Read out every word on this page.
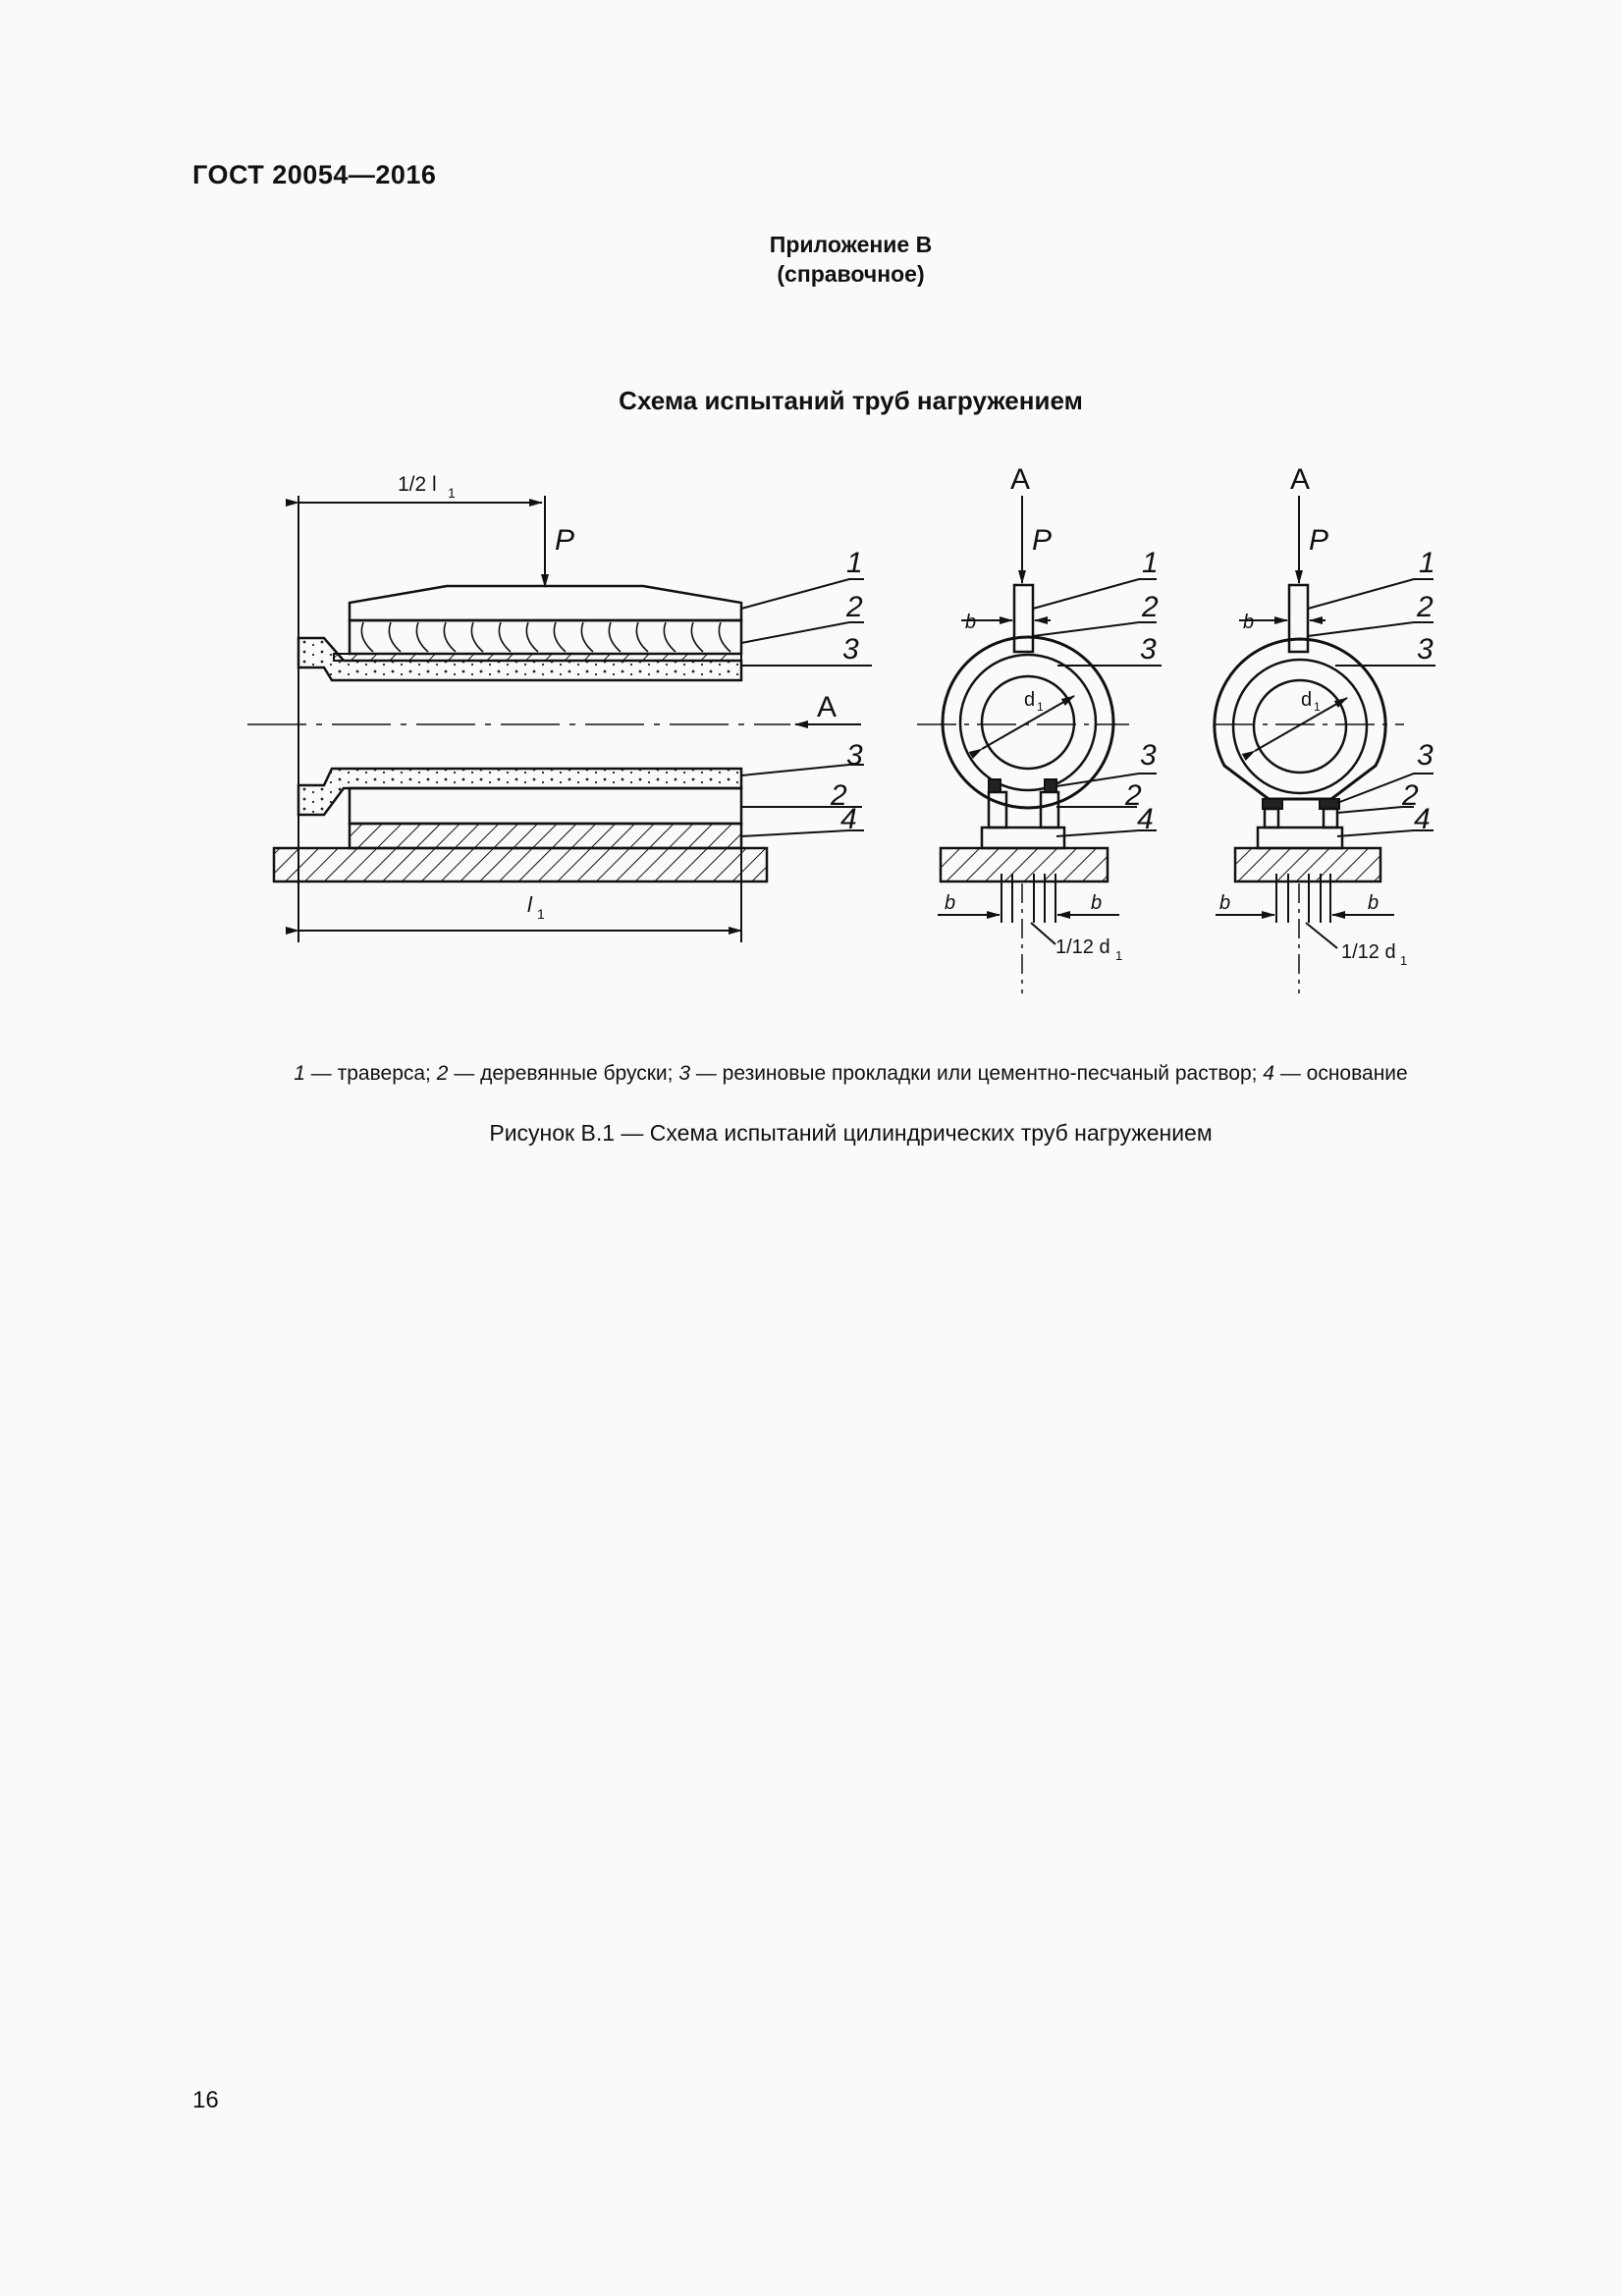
ГОСТ 20054—2016
Приложение В
(справочное)
Схема испытаний труб нагружением
1/2 l 1
P
1
2
3
A
3
2
4
l 1
A
P
1
2
3
b
d 1
3
2
4
b	b
1/12 d 1
A
P
1
2
3
b
d 1
3
2
4
b	b
1/12 d 1
1 — траверса; 2 — деревянные бруски; 3 — резиновые прокладки или цементно-песчаный раствор; 4 — основание
Рисунок В.1 — Схема испытаний цилиндрических труб нагружением
16
